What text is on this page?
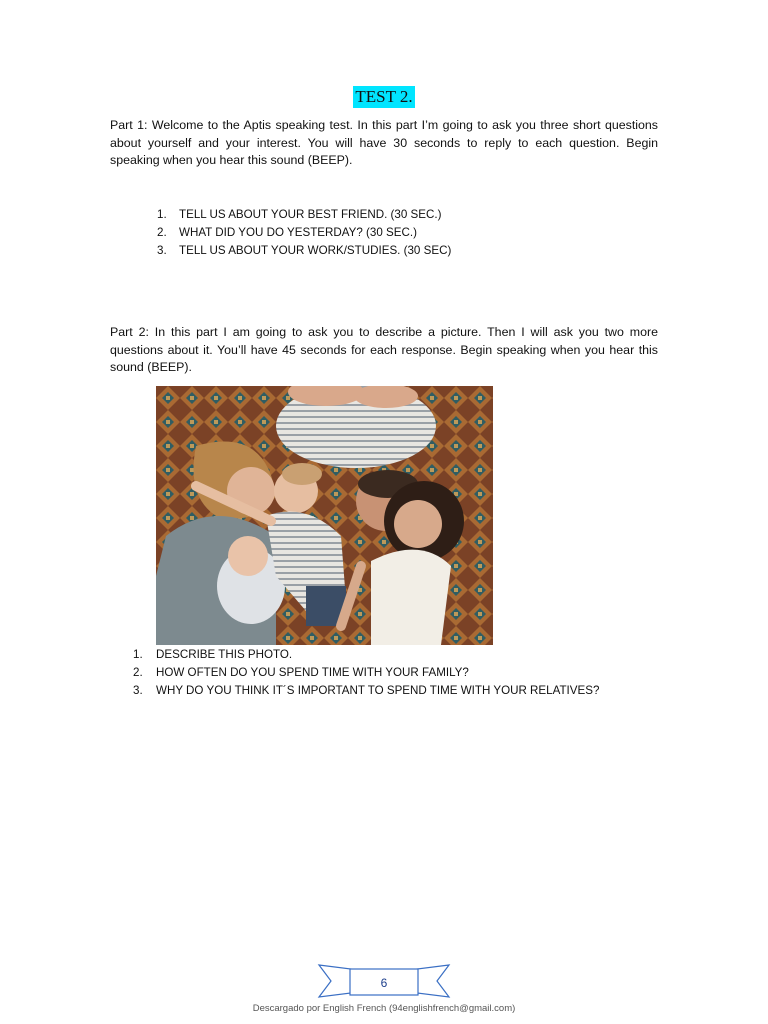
TEST 2.

Part 1: Welcome to the Aptis speaking test. In this part I’m going to ask you three short questions about yourself and your interest. You will have 30 seconds to reply to each question. Begin speaking when you hear this sound (BEEP).

1. TELL US ABOUT YOUR BEST FRIEND. (30 SEC.)
2. WHAT DID YOU DO YESTERDAY? (30 SEC.)
3. TELL US ABOUT YOUR WORK/STUDIES. (30 SEC)

Part 2: In this part I am going to ask you to describe a picture. Then I will ask you two more questions about it. You’ll have 45 seconds for each response. Begin speaking when you hear this sound (BEEP).

1. DESCRIBE THIS PHOTO.
2. HOW OFTEN DO YOU SPEND TIME WITH YOUR FAMILY?
3. WHY DO YOU THINK IT´S IMPORTANT TO SPEND TIME WITH YOUR RELATIVES?
6
Descargado por English French (94englishfrench@gmail.com)
